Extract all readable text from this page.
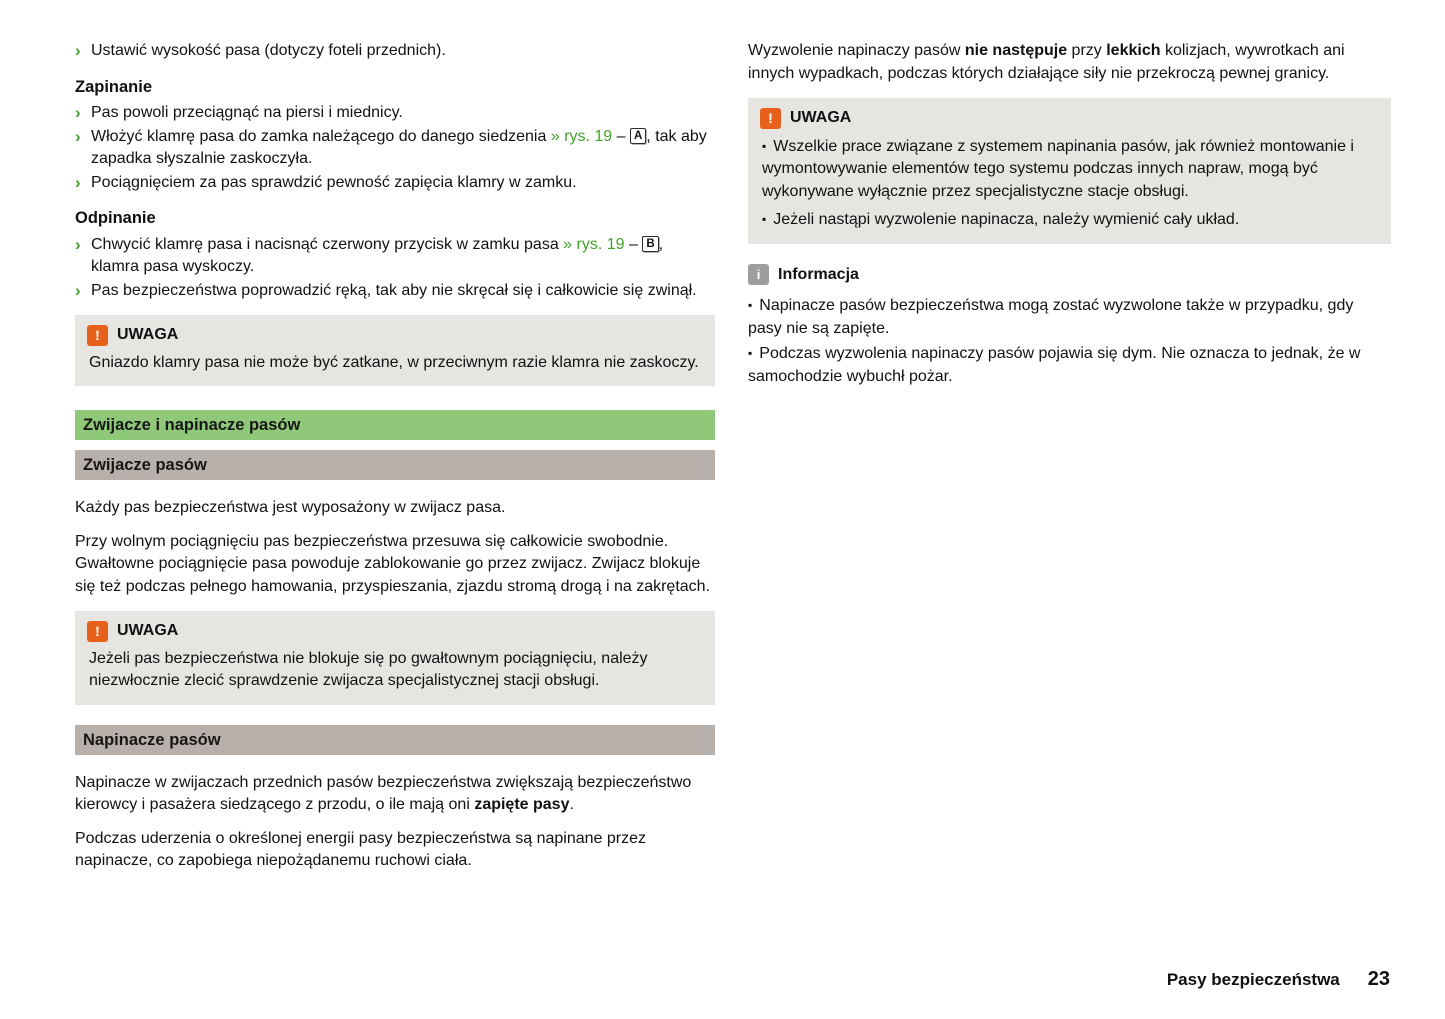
› Ustawić wysokość pasa (dotyczy foteli przednich).
Zapinanie
› Pas powoli przeciągnąć na piersi i miednicy.
› Włożyć klamrę pasa do zamka należącego do danego siedzenia » rys. 19 – A , tak aby zapadka słyszalnie zaskoczyła.
› Pociągnięciem za pas sprawdzić pewność zapięcia klamry w zamku.
Odpinanie
› Chwycić klamrę pasa i nacisnąć czerwony przycisk w zamku pasa » rys. 19 – B , klamra pasa wyskoczy.
› Pas bezpieczeństwa poprowadzić ręką, tak aby nie skręcał się i całkowicie się zwinął.
!	UWAGA
Gniazdo klamry pasa nie może być zatkane, w przeciwnym razie klamra nie zaskoczy.
Zwijacze i napinacze pasów
Zwijacze pasów

Każdy pas bezpieczeństwa jest wyposażony w zwijacz pasa.

Przy wolnym pociągnięciu pas bezpieczeństwa przesuwa się całkowicie swobodnie. Gwałtowne pociągnięcie pasa powoduje zablokowanie go przez zwijacz. Zwijacz blokuje się też podczas pełnego hamowania, przyspieszania, zjazdu stromą drogą i na zakrętach.

!	UWAGA
Jeżeli pas bezpieczeństwa nie blokuje się po gwałtownym pociągnięciu, należy niezwłocznie zlecić sprawdzenie zwijacza specjalistycznej stacji obsługi.
Napinacze pasów

Napinacze w zwijaczach przednich pasów bezpieczeństwa zwiększają bezpieczeństwo kierowcy i pasażera siedzącego z przodu, o ile mają oni zapięte pasy.

Podczas uderzenia o określonej energii pasy bezpieczeństwa są napinane przez napinacze, co zapobiega niepożądanemu ruchowi ciała.

Wyzwolenie napinaczy pasów nie następuje przy lekkich kolizjach, wywrotkach ani innych wypadkach, podczas których działające siły nie przekroczą pewnej granicy.

!	UWAGA
▪ Wszelkie prace związane z systemem napinania pasów, jak również montowanie i wymontowywanie elementów tego systemu podczas innych napraw, mogą być wykonywane wyłącznie przez specjalistyczne stacje obsługi.
▪ Jeżeli nastąpi wyzwolenie napinacza, należy wymienić cały układ.
i	Informacja
▪ Napinacze pasów bezpieczeństwa mogą zostać wyzwolone także w przypadku, gdy pasy nie są zapięte.
▪ Podczas wyzwolenia napinaczy pasów pojawia się dym. Nie oznacza to jednak, że w samochodzie wybuchł pożar.
Pasy bezpieczeństwa 23
